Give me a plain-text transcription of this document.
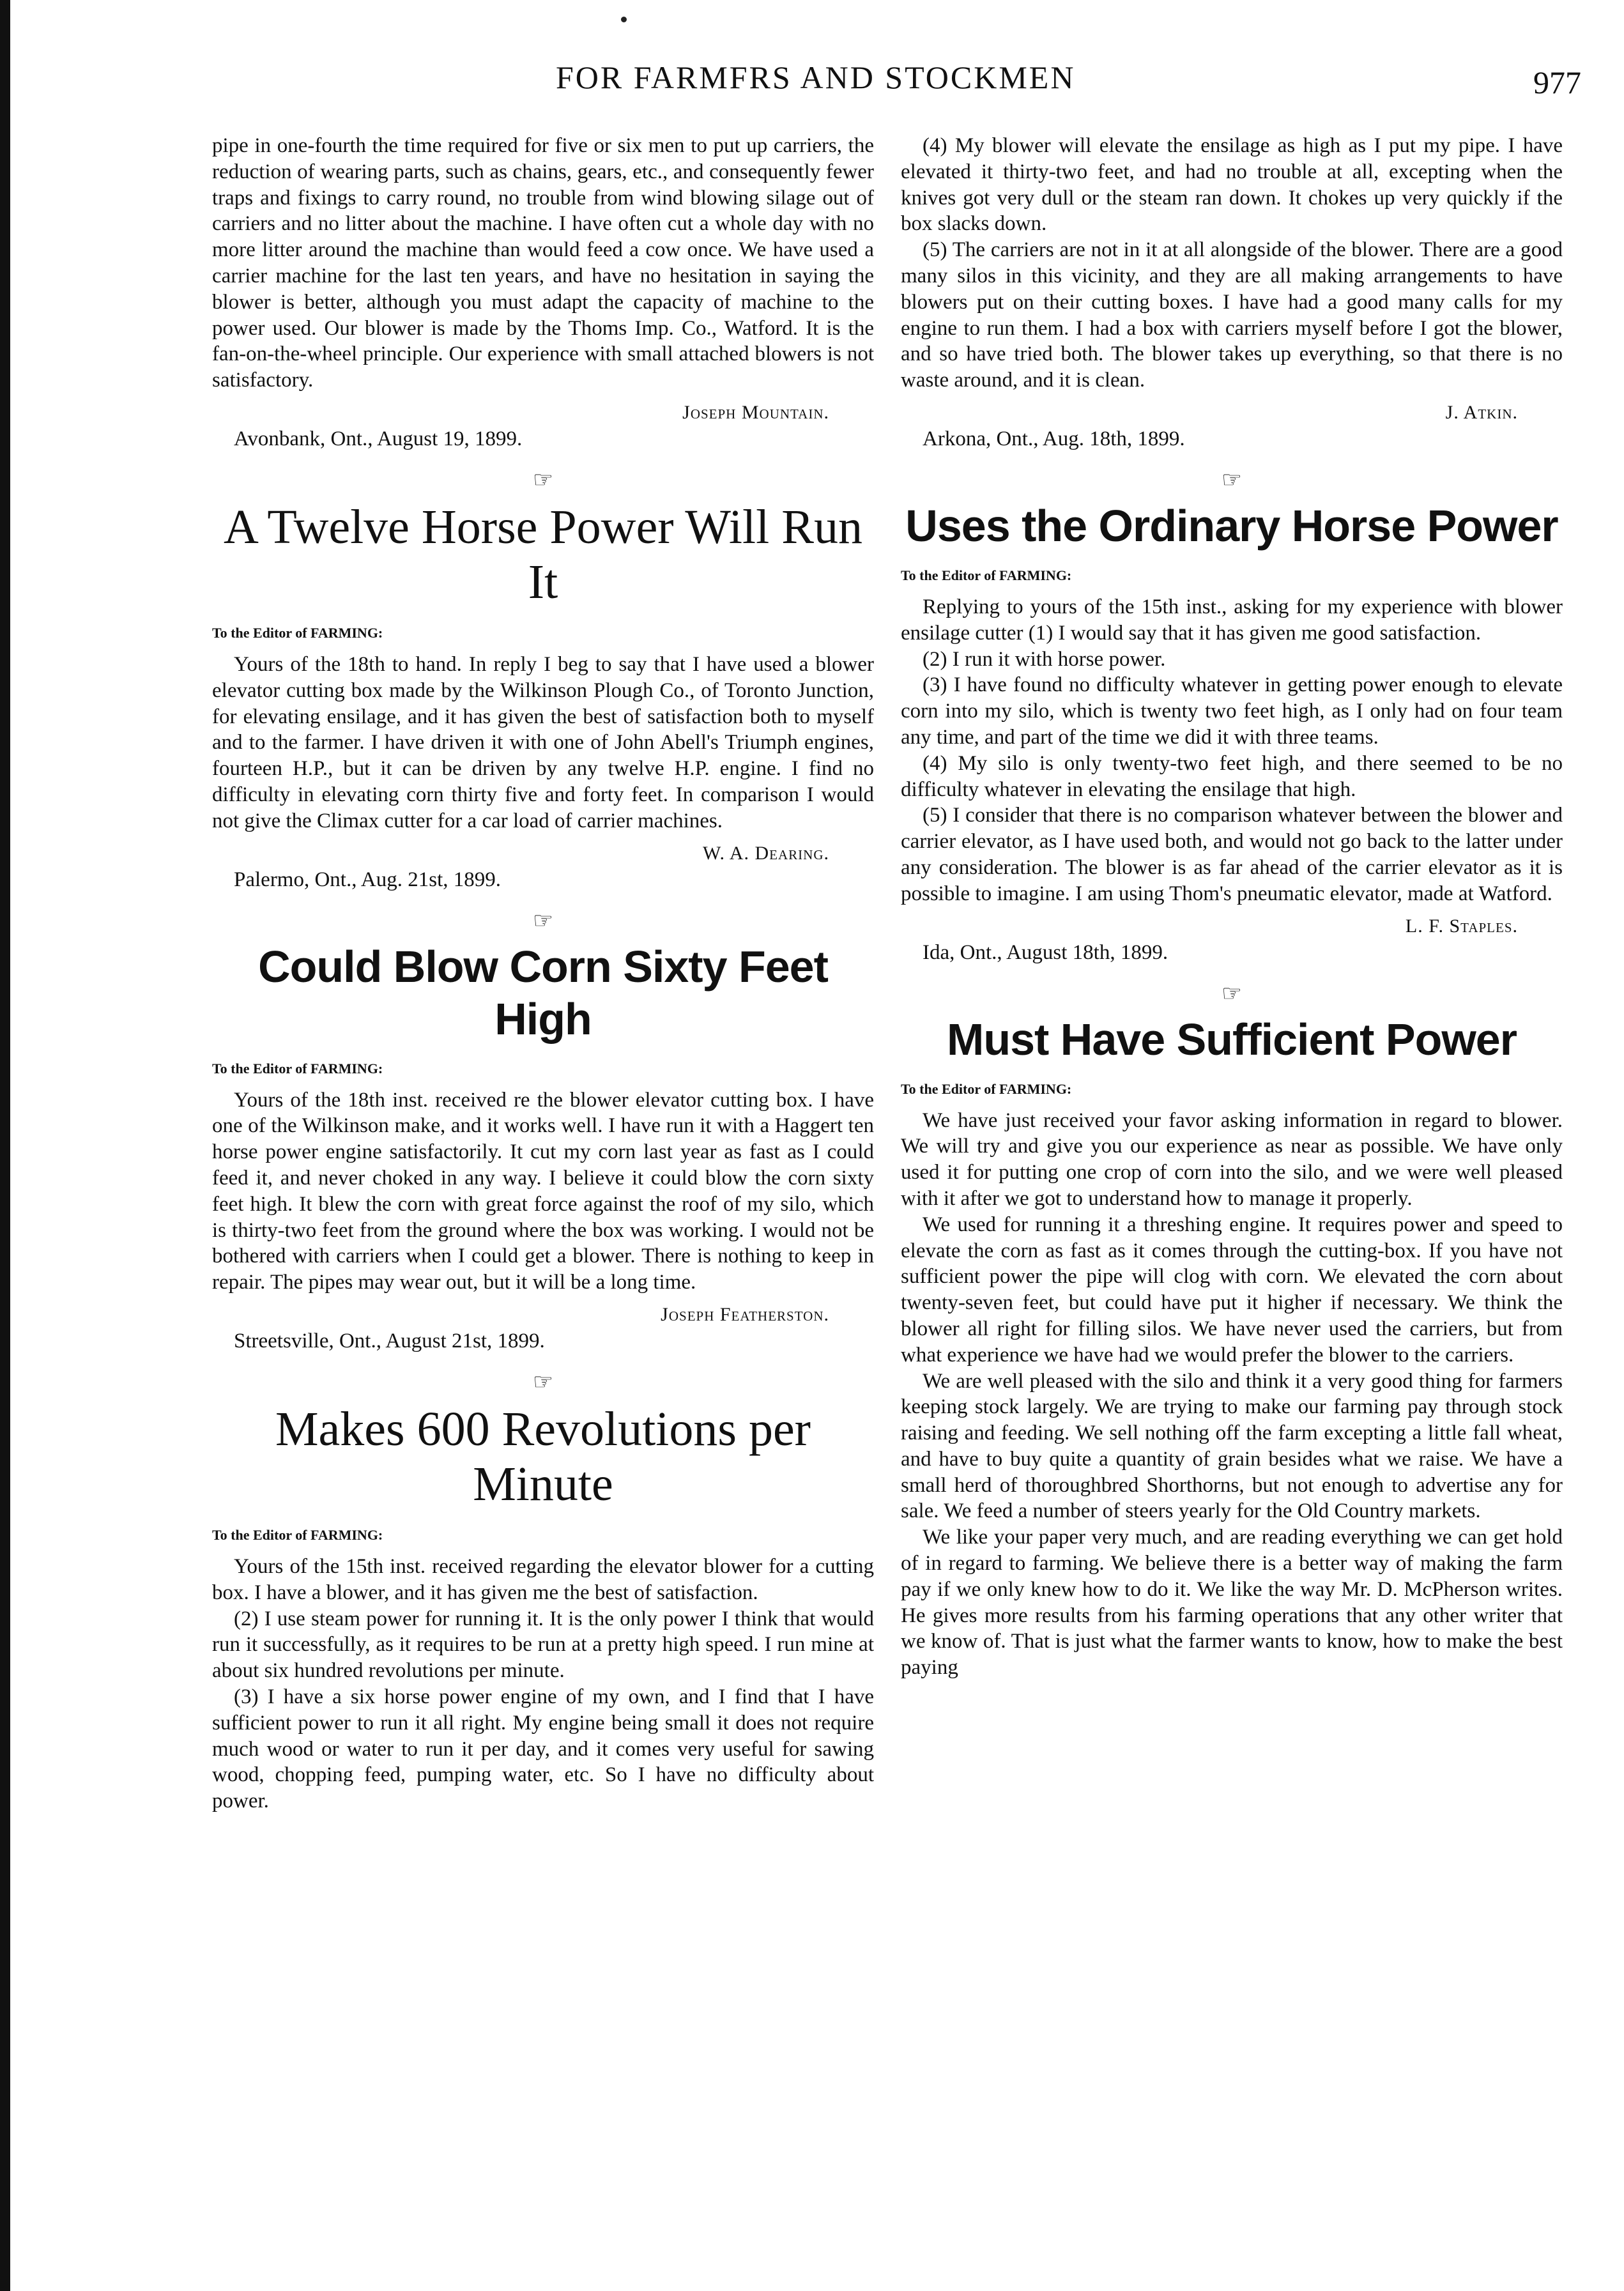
FOR FARMFRS AND STOCKMEN	977

pipe in one-fourth the time required for five or six men to put up carriers, the reduction of wearing parts, such as chains, gears, etc., and consequently fewer traps and fixings to carry round, no trouble from wind blowing silage out of carriers and no litter about the machine. I have often cut a whole day with no more litter around the machine than would feed a cow once. We have used a carrier machine for the last ten years, and have no hesitation in saying the blower is better, although you must adapt the capacity of machine to the power used. Our blower is made by the Thoms Imp. Co., Watford. It is the fan-on-the-wheel principle. Our experience with small attached blowers is not satisfactory.

Joseph Mountain.
Avonbank, Ont., August 19, 1899.
☞
A Twelve Horse Power Will Run It
To the Editor of FARMING:

Yours of the 18th to hand. In reply I beg to say that I have used a blower elevator cutting box made by the Wilkinson Plough Co., of Toronto Junction, for elevating ensilage, and it has given the best of satisfaction both to myself and to the farmer. I have driven it with one of John Abell's Triumph engines, fourteen H.P., but it can be driven by any twelve H.P. engine. I find no difficulty in elevating corn thirty five and forty feet. In comparison I would not give the Climax cutter for a car load of carrier machines.

W. A. Dearing.
Palermo, Ont., Aug. 21st, 1899.
☞
Could Blow Corn Sixty Feet High
To the Editor of FARMING:

Yours of the 18th inst. received re the blower elevator cutting box. I have one of the Wilkinson make, and it works well. I have run it with a Haggert ten horse power engine satisfactorily. It cut my corn last year as fast as I could feed it, and never choked in any way. I believe it could blow the corn sixty feet high. It blew the corn with great force against the roof of my silo, which is thirty-two feet from the ground where the box was working. I would not be bothered with carriers when I could get a blower. There is nothing to keep in repair. The pipes may wear out, but it will be a long time.

Joseph Featherston.
Streetsville, Ont., August 21st, 1899.
☞
Makes 600 Revolutions per Minute
To the Editor of FARMING:

Yours of the 15th inst. received regarding the elevator blower for a cutting box. I have a blower, and it has given me the best of satisfaction.

(2) I use steam power for running it. It is the only power I think that would run it successfully, as it requires to be run at a pretty high speed. I run mine at about six hundred revolutions per minute.

(3) I have a six horse power engine of my own, and I find that I have sufficient power to run it all right. My engine being small it does not require much wood or water to run it per day, and it comes very useful for sawing wood, chopping feed, pumping water, etc. So I have no difficulty about power.

(4) My blower will elevate the ensilage as high as I put my pipe. I have elevated it thirty-two feet, and had no trouble at all, excepting when the knives got very dull or the steam ran down. It chokes up very quickly if the box slacks down.

(5) The carriers are not in it at all alongside of the blower. There are a good many silos in this vicinity, and they are all making arrangements to have blowers put on their cutting boxes. I have had a good many calls for my engine to run them. I had a box with carriers myself before I got the blower, and so have tried both. The blower takes up everything, so that there is no waste around, and it is clean.

J. Atkin.
Arkona, Ont., Aug. 18th, 1899.
☞
Uses the Ordinary Horse Power
To the Editor of FARMING:

Replying to yours of the 15th inst., asking for my experience with blower ensilage cutter (1) I would say that it has given me good satisfaction.

(2) I run it with horse power.

(3) I have found no difficulty whatever in getting power enough to elevate corn into my silo, which is twenty two feet high, as I only had on four team any time, and part of the time we did it with three teams.

(4) My silo is only twenty-two feet high, and there seemed to be no difficulty whatever in elevating the ensilage that high.

(5) I consider that there is no comparison whatever between the blower and carrier elevator, as I have used both, and would not go back to the latter under any consideration. The blower is as far ahead of the carrier elevator as it is possible to imagine. I am using Thom's pneumatic elevator, made at Watford.

L. F. Staples.
Ida, Ont., August 18th, 1899.
☞
Must Have Sufficient Power
To the Editor of FARMING:

We have just received your favor asking information in regard to blower. We will try and give you our experience as near as possible. We have only used it for putting one crop of corn into the silo, and we were well pleased with it after we got to understand how to manage it properly.

We used for running it a threshing engine. It requires power and speed to elevate the corn as fast as it comes through the cutting-box. If you have not sufficient power the pipe will clog with corn. We elevated the corn about twenty-seven feet, but could have put it higher if necessary. We think the blower all right for filling silos. We have never used the carriers, but from what experience we have had we would prefer the blower to the carriers.

We are well pleased with the silo and think it a very good thing for farmers keeping stock largely. We are trying to make our farming pay through stock raising and feeding. We sell nothing off the farm excepting a little fall wheat, and have to buy quite a quantity of grain besides what we raise. We have a small herd of thoroughbred Shorthorns, but not enough to advertise any for sale. We feed a number of steers yearly for the Old Country markets.

We like your paper very much, and are reading everything we can get hold of in regard to farming. We believe there is a better way of making the farm pay if we only knew how to do it. We like the way Mr. D. McPherson writes. He gives more results from his farming operations that any other writer that we know of. That is just what the farmer wants to know, how to make the best paying
